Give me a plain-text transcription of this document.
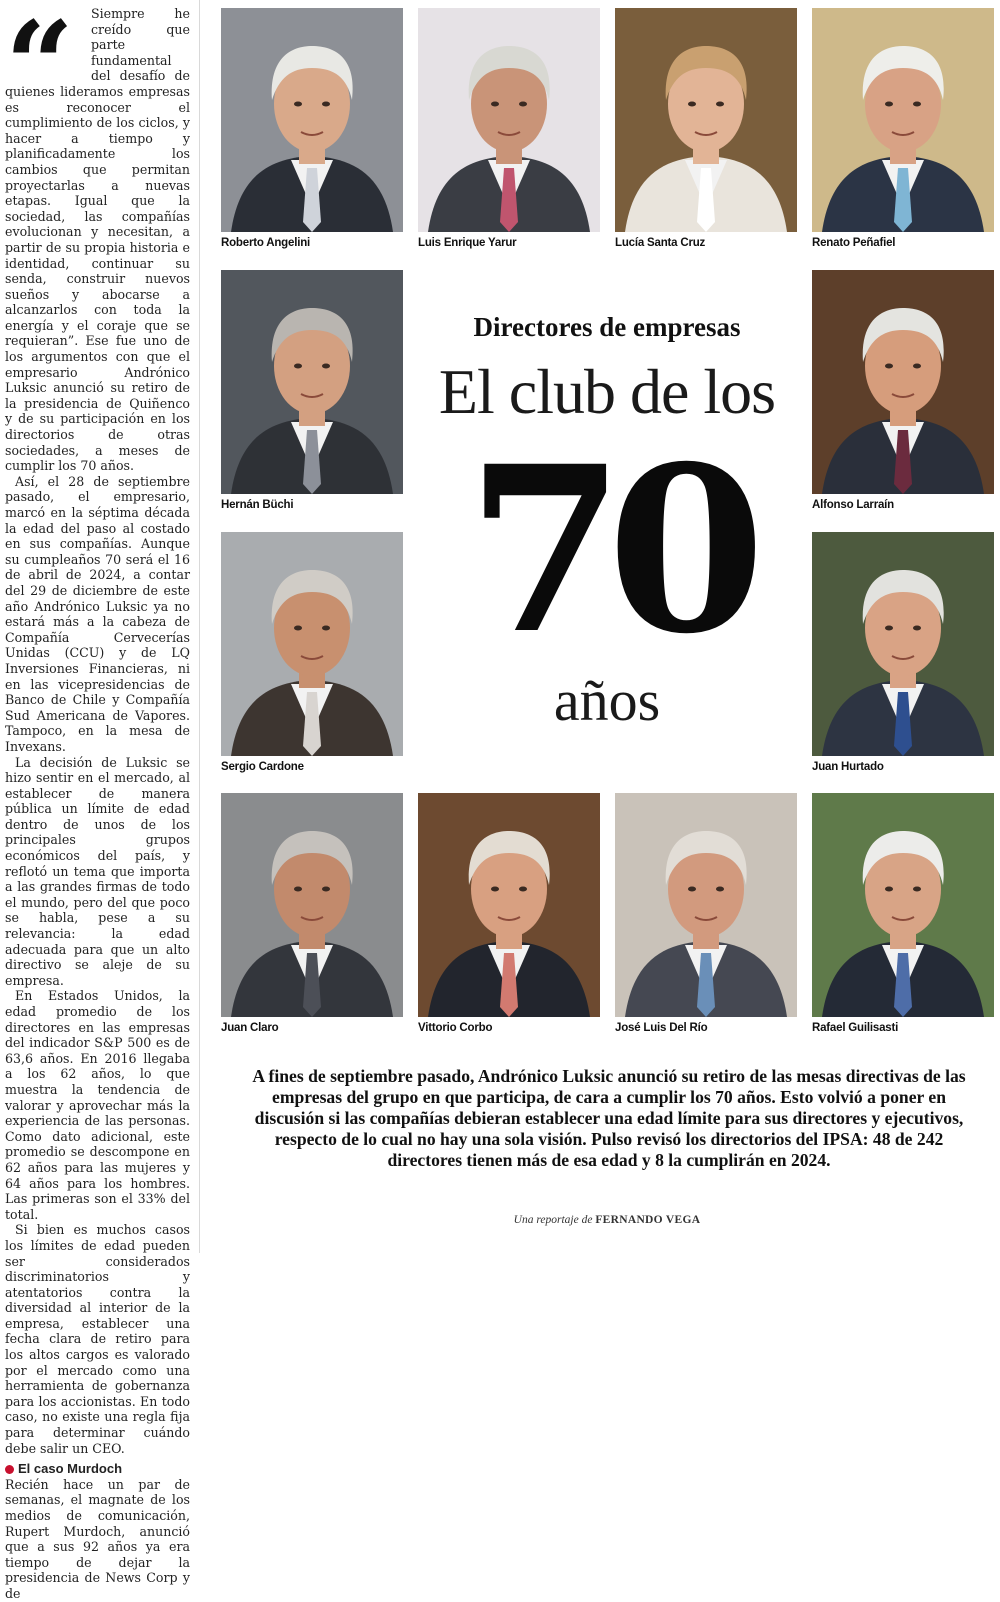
“	Siempre he creído que parte fundamental del desafío de quienes lideramos empresas es reconocer el cumplimiento de los ciclos, y hacer a tiempo y planificadamente los cambios que permitan proyectarlas a nuevas etapas. Igual que la sociedad, las compañías evolucionan y necesitan, a partir de su propia historia e identidad, continuar su senda, construir nuevos sueños y abocarse a alcanzarlos con toda la energía y el coraje que se requieran”. Ese fue uno de los argumentos con que el empresario Andrónico Luksic anunció su retiro de la presidencia de Quiñenco y de su participación en los directorios de otras sociedades, a meses de cumplir los 70 años.

Así, el 28 de septiembre pasado, el empresario, marcó en la séptima década la edad del paso al costado en sus compañías. Aunque su cumpleaños 70 será el 16 de abril de 2024, a contar del 29 de diciembre de este año Andrónico Luksic ya no estará más a la cabeza de Compañía Cervecerías Unidas (CCU) y de LQ Inversiones Financieras, ni en las vicepresidencias de Banco de Chile y Compañía Sud Americana de Vapores. Tampoco, en la mesa de Invexans.

La decisión de Luksic se hizo sentir en el mercado, al establecer de manera pública un límite de edad dentro de unos de los principales grupos económicos del país, y reflotó un tema que importa a las grandes firmas de todo el mundo, pero del que poco se habla, pese a su relevancia: la edad adecuada para que un alto directivo se aleje de su empresa.

En Estados Unidos, la edad promedio de los directores en las empresas del indicador S&P 500 es de 63,6 años. En 2016 llegaba a los 62 años, lo que muestra la tendencia de valorar y aprovechar más la experiencia de las personas. Como dato adicional, este promedio se descompone en 62 años para las mujeres y 64 años para los hombres. Las primeras son el 33% del total.

Si bien es muchos casos los límites de edad pueden ser considerados discriminatorios y atentatorios contra la diversidad al interior de la empresa, establecer una fecha clara de retiro para los altos cargos es valorado por el mercado como una herramienta de gobernanza para los accionistas. En todo caso, no existe una regla fija para determinar cuándo debe salir un CEO.

El caso Murdoch

Recién hace un par de semanas, el magnate de los medios de comunicación, Rupert Murdoch, anunció que a sus 92 años ya era tiempo de dejar la presidencia de News Corp y de

Roberto Angelini	Luis Enrique Yarur	Lucía Santa Cruz	Renato Peñafiel
Hernán Büchi	Alfonso Larraín
Sergio Cardone	Juan Hurtado
Juan Claro	Vittorio Corbo	José Luis Del Río	Rafael Guilisasti
Directores de empresas
El club de los
70
años
A fines de septiembre pasado, Andrónico Luksic anunció su retiro de las mesas directivas de las empresas del grupo en que participa, de cara a cumplir los 70 años. Esto volvió a poner en discusión si las compañías debieran establecer una edad límite para sus directores y ejecutivos, respecto de lo cual no hay una sola visión. Pulso revisó los directorios del IPSA: 48 de 242 directores tienen más de esa edad y 8 la cumplirán en 2024.
Una reportaje de FERNANDO VEGA
